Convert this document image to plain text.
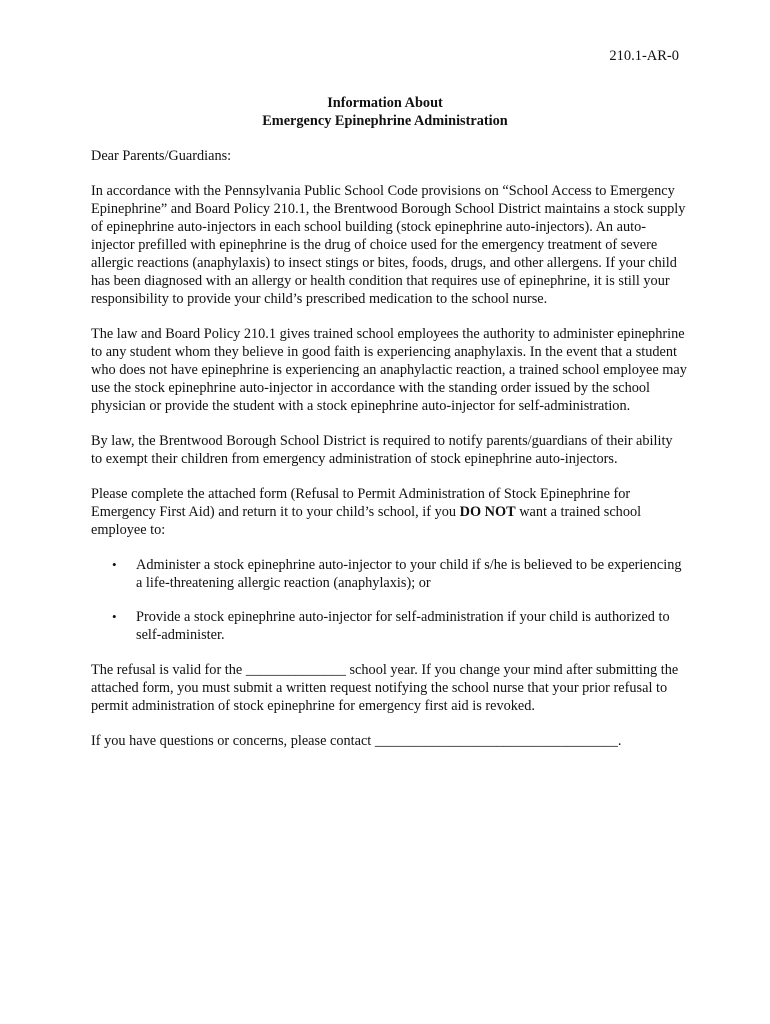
210.1-AR-0
Information About
Emergency Epinephrine Administration

Dear Parents/Guardians:

In accordance with the Pennsylvania Public School Code provisions on “School Access to Emergency Epinephrine” and Board Policy 210.1, the Brentwood Borough School District maintains a stock supply of epinephrine auto-injectors in each school building (stock epinephrine auto-injectors). An auto-injector prefilled with epinephrine is the drug of choice used for the emergency treatment of severe allergic reactions (anaphylaxis) to insect stings or bites, foods, drugs, and other allergens. If your child has been diagnosed with an allergy or health condition that requires use of epinephrine, it is still your responsibility to provide your child’s prescribed medication to the school nurse.

The law and Board Policy 210.1 gives trained school employees the authority to administer epinephrine to any student whom they believe in good faith is experiencing anaphylaxis. In the event that a student who does not have epinephrine is experiencing an anaphylactic reaction, a trained school employee may use the stock epinephrine auto-injector in accordance with the standing order issued by the school physician or provide the student with a stock epinephrine auto-injector for self-administration.

By law, the Brentwood Borough School District is required to notify parents/guardians of their ability to exempt their children from emergency administration of stock epinephrine auto-injectors.

Please complete the attached form (Refusal to Permit Administration of Stock Epinephrine for Emergency First Aid) and return it to your child’s school, if you DO NOT want a trained school employee to:

• Administer a stock epinephrine auto-injector to your child if s/he is believed to be experiencing a life-threatening allergic reaction (anaphylaxis); or
• Provide a stock epinephrine auto-injector for self-administration if your child is authorized to self-administer.

The refusal is valid for the ______________ school year. If you change your mind after submitting the attached form, you must submit a written request notifying the school nurse that your prior refusal to permit administration of stock epinephrine for emergency first aid is revoked.

If you have questions or concerns, please contact __________________________________.
